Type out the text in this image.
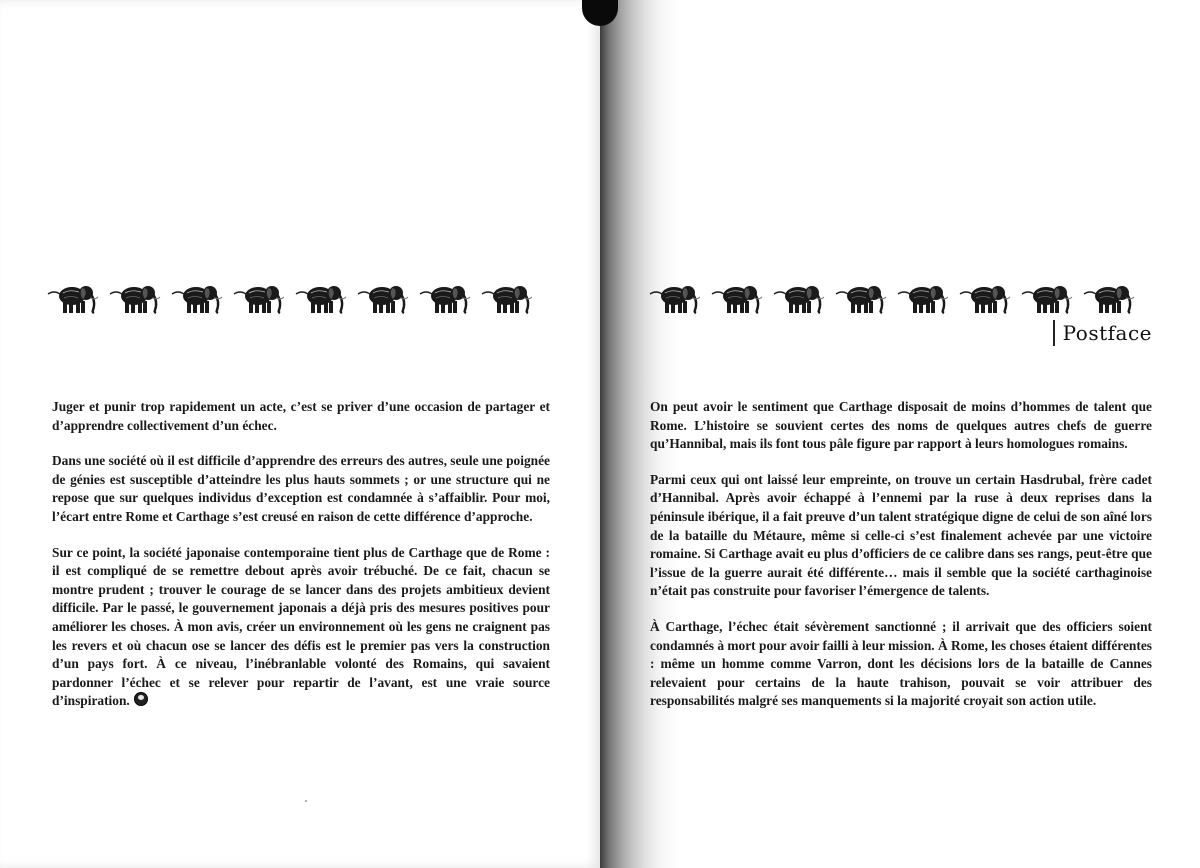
Juger et punir trop rapidement un acte, c’est se priver d’une occasion de partager et d’apprendre collectivement d’un échec.

Dans une société où il est difficile d’apprendre des erreurs des autres, seule une poignée de génies est susceptible d’atteindre les plus hauts sommets ; or une structure qui ne repose que sur quelques individus d’exception est condamnée à s’affaiblir. Pour moi, l’écart entre Rome et Carthage s’est creusé en raison de cette différence d’approche.

Sur ce point, la société japonaise contemporaine tient plus de Carthage que de Rome : il est compliqué de se remettre debout après avoir trébuché. De ce fait, chacun se montre prudent ; trouver le courage de se lancer dans des projets ambitieux devient difficile. Par le passé, le gouvernement japonais a déjà pris des mesures positives pour améliorer les choses. À mon avis, créer un environnement où les gens ne craignent pas les revers et où chacun ose se lancer des défis est le premier pas vers la construction d’un pays fort. À ce niveau, l’inébranlable volonté des Romains, qui savaient pardonner l’échec et se relever pour repartir de l’avant, est une vraie source d’inspiration.

Postface

On peut avoir le sentiment que Carthage disposait de moins d’hommes de talent que Rome. L’histoire se souvient certes des noms de quelques autres chefs de guerre qu’Hannibal, mais ils font tous pâle figure par rapport à leurs homologues romains.

Parmi ceux qui ont laissé leur empreinte, on trouve un certain Hasdrubal, frère cadet d’Hannibal. Après avoir échappé à l’ennemi par la ruse à deux reprises dans la péninsule ibérique, il a fait preuve d’un talent stratégique digne de celui de son aîné lors de la bataille du Métaure, même si celle-ci s’est finalement achevée par une victoire romaine. Si Carthage avait eu plus d’officiers de ce calibre dans ses rangs, peut-être que l’issue de la guerre aurait été différente… mais il semble que la société carthaginoise n’était pas construite pour favoriser l’émergence de talents.

À Carthage, l’échec était sévèrement sanctionné ; il arrivait que des officiers soient condamnés à mort pour avoir failli à leur mission. À Rome, les choses étaient différentes : même un homme comme Varron, dont les décisions lors de la bataille de Cannes relevaient pour certains de la haute trahison, pouvait se voir attribuer des responsabilités malgré ses manquements si la majorité croyait son action utile.
